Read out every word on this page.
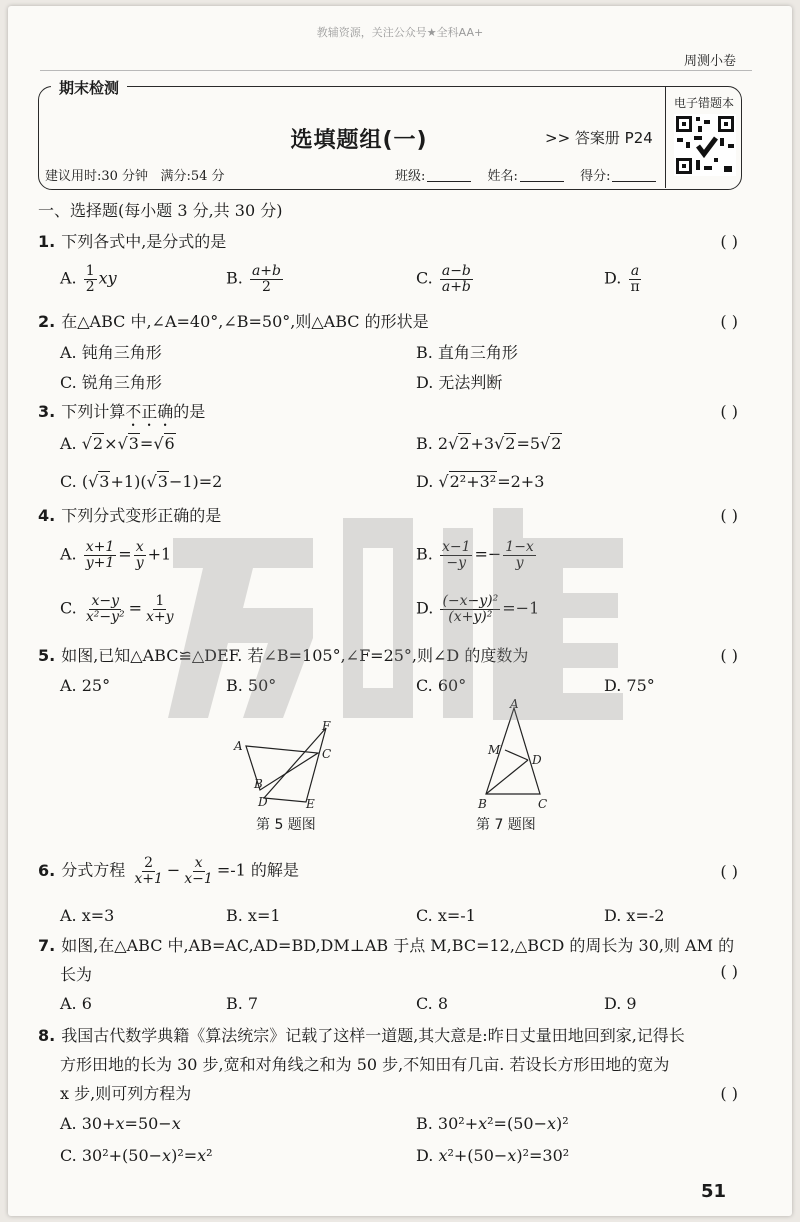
教辅资源，关注公众号★全科AA+
周测小卷
期末检测
选填题组(一)	>> 答案册 P24
建议用时:30 分钟 满分:54 分	班级:	姓名:	得分:
电子错题本
一、选择题(每小题 3 分,共 30 分)
1. 下列各式中,是分式的是	( )
A. $\frac{1}{2}$ xy	B. $\frac{a+b}{2}$	C. $\frac{a-b}{a+b}$	D. $\frac{a}{\pi}$
2. 在△ABC 中,∠A=40°,∠B=50°,则△ABC 的形状是	( )
A. 钝角三角形	B. 直角三角形
C. 锐角三角形	D. 无法判断
3. 下列计算不正确的是	( )
A. √2×√3=√6	B. 2√2+3√2=5√2
C. (√3+1)(√3−1)=2	D. √2²+3²=2+3
4. 下列分式变形正确的是	( )
A. $\frac{x+1}{y+1} = \frac{x}{y} +1$	B. $\frac{x-1}{-y} =- \frac{1-x}{y}$
C. $\frac{x-y}{\text{x²−y²}} = \frac{1}{x+y}$	D. $\frac{\text{(−x−y)²}}{\text{(x+y)²}} =-1$
5. 如图,已知△ABC≌△DEF. 若∠B=105°,∠F=25°,则∠D 的度数为	( )
A. 25°	B. 50°	C. 60°	D. 75°
A
C
F
B
D	E
第 5 题图
A
M
D
B	C
第 7 题图
6. 分式方程 $\frac{2}{x+1} - \frac{x}{x-1} =-1$ 的解是	( )
A. x=3	B. x=1	C. x=-1	D. x=-2
7. 如图,在△ABC 中,AB=AC,AD=BD,DM⊥AB 于点 M,BC=12,△BCD 的周长为 30,则 AM 的
长为	( )
A. 6	B. 7	C. 8	D. 9
8. 我国古代数学典籍《算法统宗》记载了这样一道题,其大意是:昨日丈量田地回到家,记得长
方形田地的长为 30 步,宽和对角线之和为 50 步,不知田有几亩. 若设长方形田地的宽为
x 步,则可列方程为	( )
A. 30+x=50−x	B. 30²+x²=(50−x)²
C. 30²+(50−x)²=x²	D. x²+(50−x)²=30²
51
